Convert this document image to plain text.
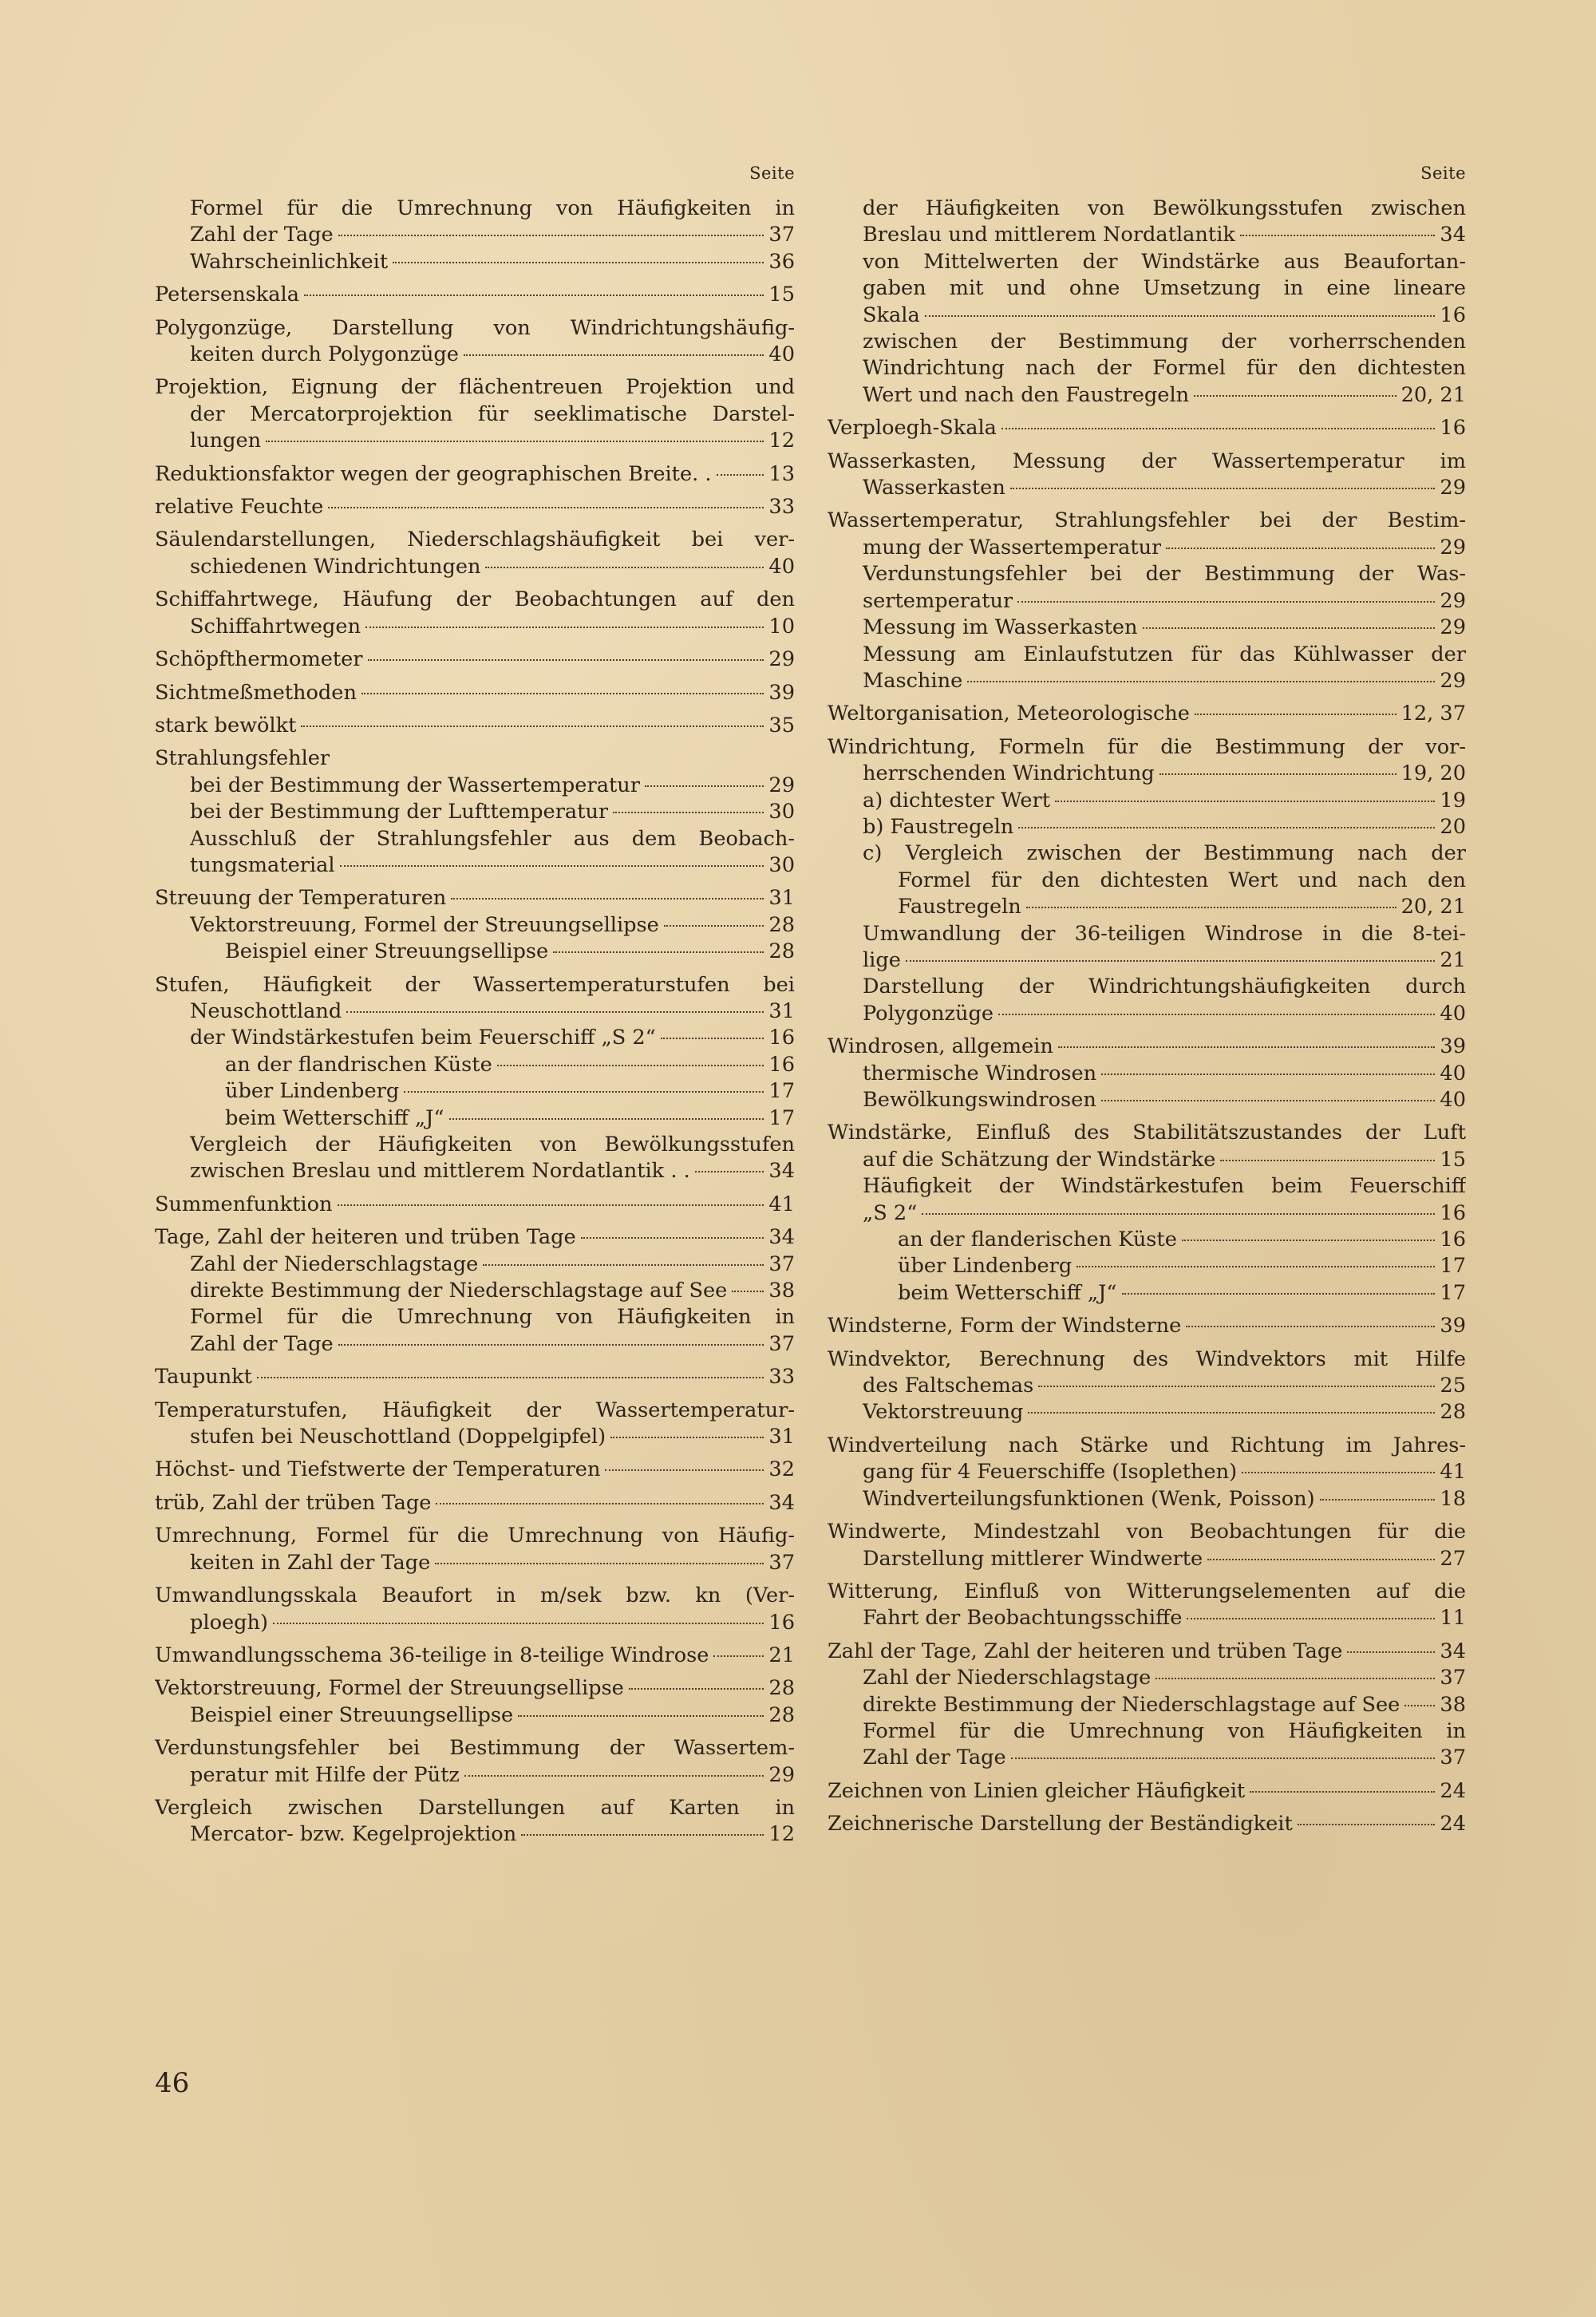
Seite
Formel für die Umrechnung von Häufigkeiten in
Zahl der Tage	37
Wahrscheinlichkeit	36
Petersenskala	15
Polygonzüge, Darstellung von Windrichtungshäufig-
keiten durch Polygonzüge	40
Projektion, Eignung der flächentreuen Projektion und
der Mercatorprojektion für seeklimatische Darstel-
lungen	12
Reduktionsfaktor wegen der geographischen Breite. .	13
relative Feuchte	33
Säulendarstellungen, Niederschlagshäufigkeit bei ver-
schiedenen Windrichtungen	40
Schiffahrtwege, Häufung der Beobachtungen auf den
Schiffahrtwegen	10
Schöpfthermometer	29
Sichtmeßmethoden	39
stark bewölkt	35
Strahlungsfehler
bei der Bestimmung der Wassertemperatur	29
bei der Bestimmung der Lufttemperatur	30
Ausschluß der Strahlungsfehler aus dem Beobach-
tungsmaterial	30
Streuung der Temperaturen	31
Vektorstreuung, Formel der Streuungsellipse	28
Beispiel einer Streuungsellipse	28
Stufen, Häufigkeit der Wassertemperaturstufen bei
Neuschottland	31
der Windstärkestufen beim Feuerschiff „S 2“	16
an der flandrischen Küste	16
über Lindenberg	17
beim Wetterschiff „J“	17
Vergleich der Häufigkeiten von Bewölkungsstufen
zwischen Breslau und mittlerem Nordatlantik . .	34
Summenfunktion	41
Tage, Zahl der heiteren und trüben Tage	34
Zahl der Niederschlagstage	37
direkte Bestimmung der Niederschlagstage auf See 38
Formel für die Umrechnung von Häufigkeiten in
Zahl der Tage	37
Taupunkt	33
Temperaturstufen, Häufigkeit der Wassertemperatur-
stufen bei Neuschottland (Doppelgipfel)	31
Höchst- und Tiefstwerte der Temperaturen	32
trüb, Zahl der trüben Tage	34
Umrechnung, Formel für die Umrechnung von Häufig-
keiten in Zahl der Tage	37
Umwandlungsskala Beaufort in m/sek bzw. kn (Ver-
ploegh)	16
Umwandlungsschema 36-teilige in 8-teilige Windrose	21
Vektorstreuung, Formel der Streuungsellipse	28
Beispiel einer Streuungsellipse	28
Verdunstungsfehler bei Bestimmung der Wassertem-
peratur mit Hilfe der Pütz	29
Vergleich zwischen Darstellungen auf Karten in
Mercator- bzw. Kegelprojektion	12
Seite
der Häufigkeiten von Bewölkungsstufen zwischen
Breslau und mittlerem Nordatlantik	34
von Mittelwerten der Windstärke aus Beaufortan-
gaben mit und ohne Umsetzung in eine lineare
Skala	16
zwischen der Bestimmung der vorherrschenden
Windrichtung nach der Formel für den dichtesten
Wert und nach den Faustregeln	20, 21
Verploegh-Skala	16
Wasserkasten, Messung der Wassertemperatur im
Wasserkasten	29
Wassertemperatur, Strahlungsfehler bei der Bestim-
mung der Wassertemperatur	29
Verdunstungsfehler bei der Bestimmung der Was-
sertemperatur	29
Messung im Wasserkasten	29
Messung am Einlaufstutzen für das Kühlwasser der
Maschine	29
Weltorganisation, Meteorologische	12, 37
Windrichtung, Formeln für die Bestimmung der vor-
herrschenden Windrichtung	19, 20
a) dichtester Wert	19
b) Faustregeln	20
c) Vergleich zwischen der Bestimmung nach der
Formel für den dichtesten Wert und nach den
Faustregeln	20, 21
Umwandlung der 36-teiligen Windrose in die 8-tei-
lige	21
Darstellung der Windrichtungshäufigkeiten durch
Polygonzüge	40
Windrosen, allgemein	39
thermische Windrosen	40
Bewölkungswindrosen	40
Windstärke, Einfluß des Stabilitätszustandes der Luft
auf die Schätzung der Windstärke	15
Häufigkeit der Windstärkestufen beim Feuerschiff
„S 2“	16
an der flanderischen Küste	16
über Lindenberg	17
beim Wetterschiff „J“	17
Windsterne, Form der Windsterne	39
Windvektor, Berechnung des Windvektors mit Hilfe
des Faltschemas	25
Vektorstreuung	28
Windverteilung nach Stärke und Richtung im Jahres-
gang für 4 Feuerschiffe (Isoplethen)	41
Windverteilungsfunktionen (Wenk, Poisson)	18
Windwerte, Mindestzahl von Beobachtungen für die
Darstellung mittlerer Windwerte	27
Witterung, Einfluß von Witterungselementen auf die
Fahrt der Beobachtungsschiffe	11
Zahl der Tage, Zahl der heiteren und trüben Tage	34
Zahl der Niederschlagstage	37
direkte Bestimmung der Niederschlagstage auf See 38
Formel für die Umrechnung von Häufigkeiten in
Zahl der Tage	37
Zeichnen von Linien gleicher Häufigkeit	24
Zeichnerische Darstellung der Beständigkeit	24
46
